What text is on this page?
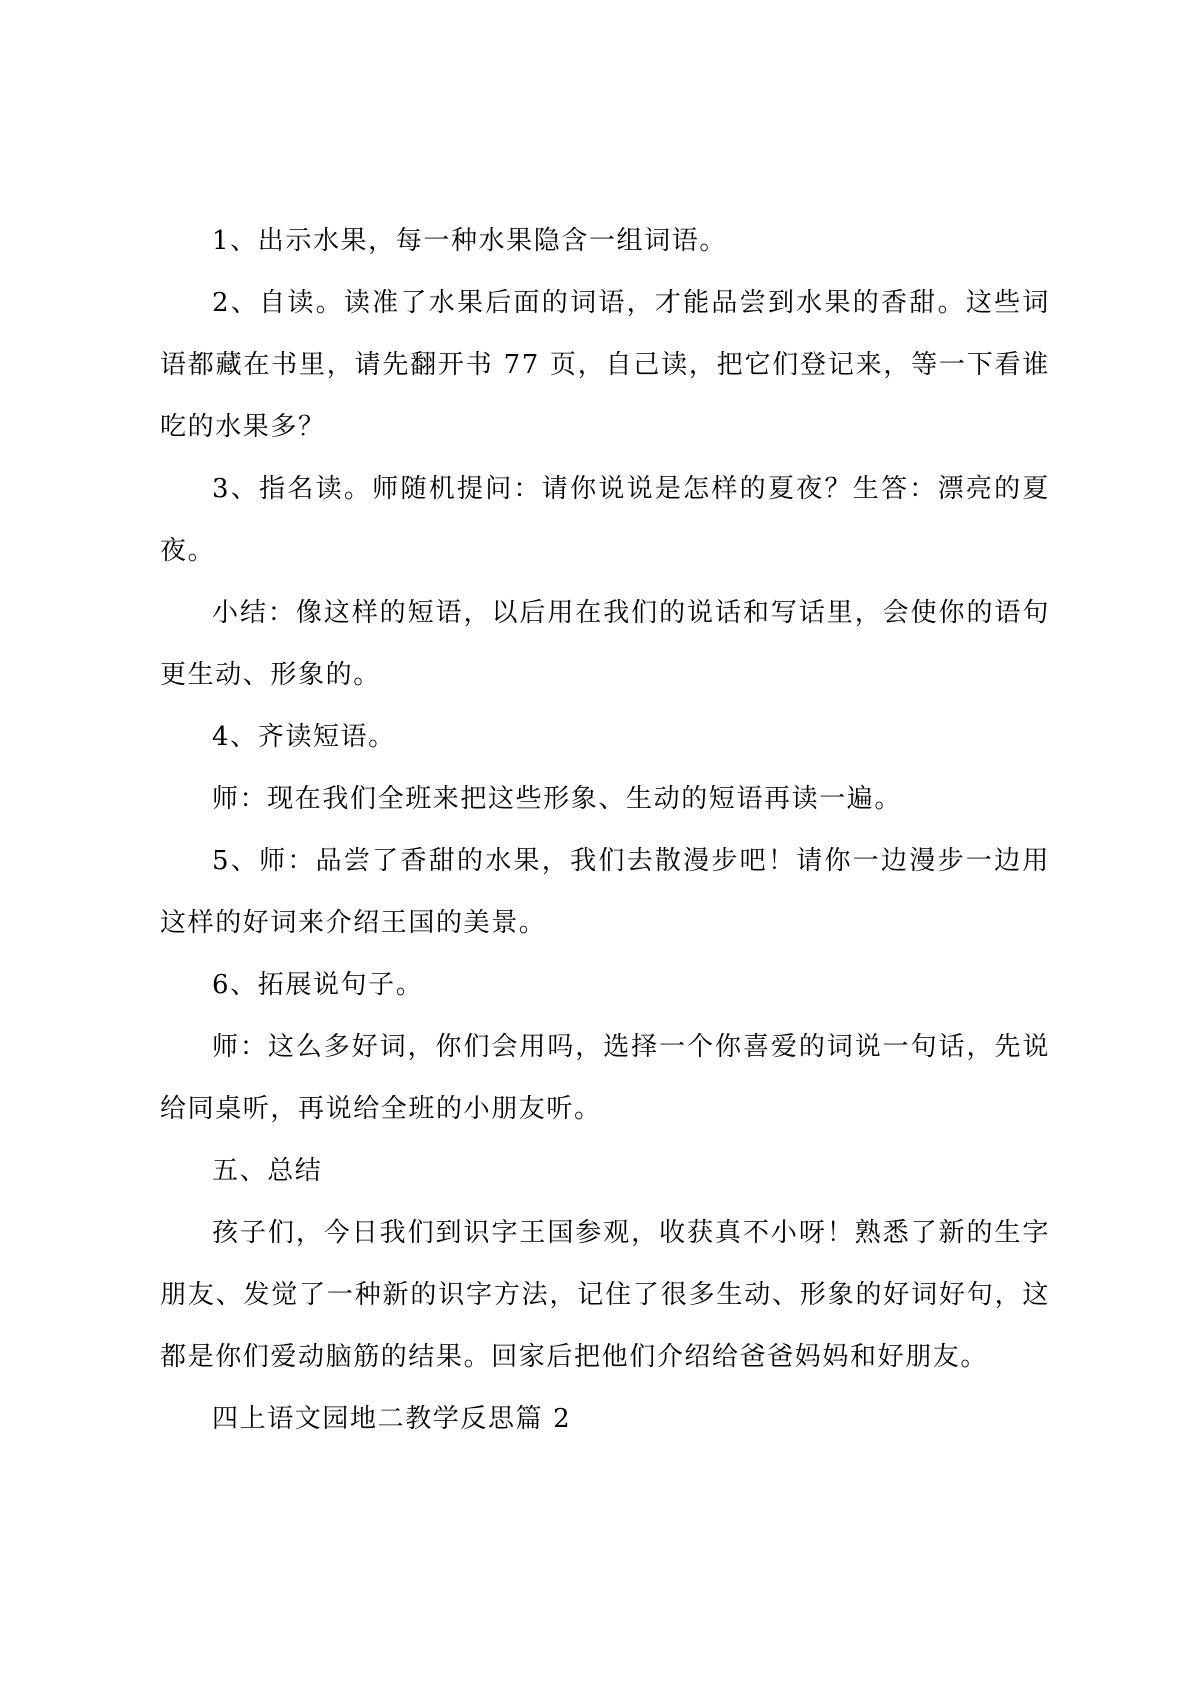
1、出示水果，每一种水果隐含一组词语。

2、自读。读准了水果后面的词语，才能品尝到水果的香甜。这些词语都藏在书里，请先翻开书 77 页，自己读，把它们登记来，等一下看谁吃的水果多？

3、指名读。师随机提问：请你说说是怎样的夏夜？生答：漂亮的夏夜。

小结：像这样的短语，以后用在我们的说话和写话里，会使你的语句更生动、形象的。

4、齐读短语。

师：现在我们全班来把这些形象、生动的短语再读一遍。

5、师：品尝了香甜的水果，我们去散漫步吧！请你一边漫步一边用这样的好词来介绍王国的美景。

6、拓展说句子。

师：这么多好词，你们会用吗，选择一个你喜爱的词说一句话，先说给同桌听，再说给全班的小朋友听。

五、总结

孩子们，今日我们到识字王国参观，收获真不小呀！熟悉了新的生字朋友、发觉了一种新的识字方法，记住了很多生动、形象的好词好句，这都是你们爱动脑筋的结果。回家后把他们介绍给爸爸妈妈和好朋友。

四上语文园地二教学反思篇 2
